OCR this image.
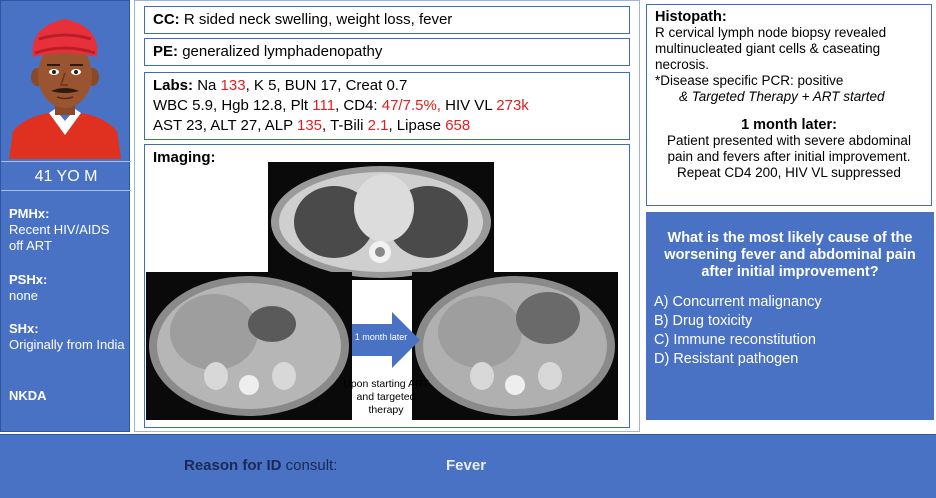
41 YO M
PMHx:
Recent HIV/AIDS off ART
PSHx:
none
SHx:
Originally from India
NKDA
CC: R sided neck swelling, weight loss, fever
PE: generalized lymphadenopathy
Labs: Na 133, K 5, BUN 17, Creat 0.7
WBC 5.9, Hgb 12.8, Plt 111, CD4: 47/7.5%, HIV VL 273k
AST 23, ALT 27, ALP 135, T-Bili 2.1, Lipase 658
Imaging:
1 month later
Upon starting ART and targeted therapy
Histopath:
R cervical lymph node biopsy revealed multinucleated giant cells & caseating necrosis.
*Disease specific PCR: positive
& Targeted Therapy + ART started
1 month later:
Patient presented with severe abdominal pain and fevers after initial improvement. Repeat CD4 200, HIV VL suppressed
What is the most likely cause of the worsening fever and abdominal pain after initial improvement?
A) Concurrent malignancy
B) Drug toxicity
C) Immune reconstitution
D) Resistant pathogen
Reason for ID consult:	Fever
